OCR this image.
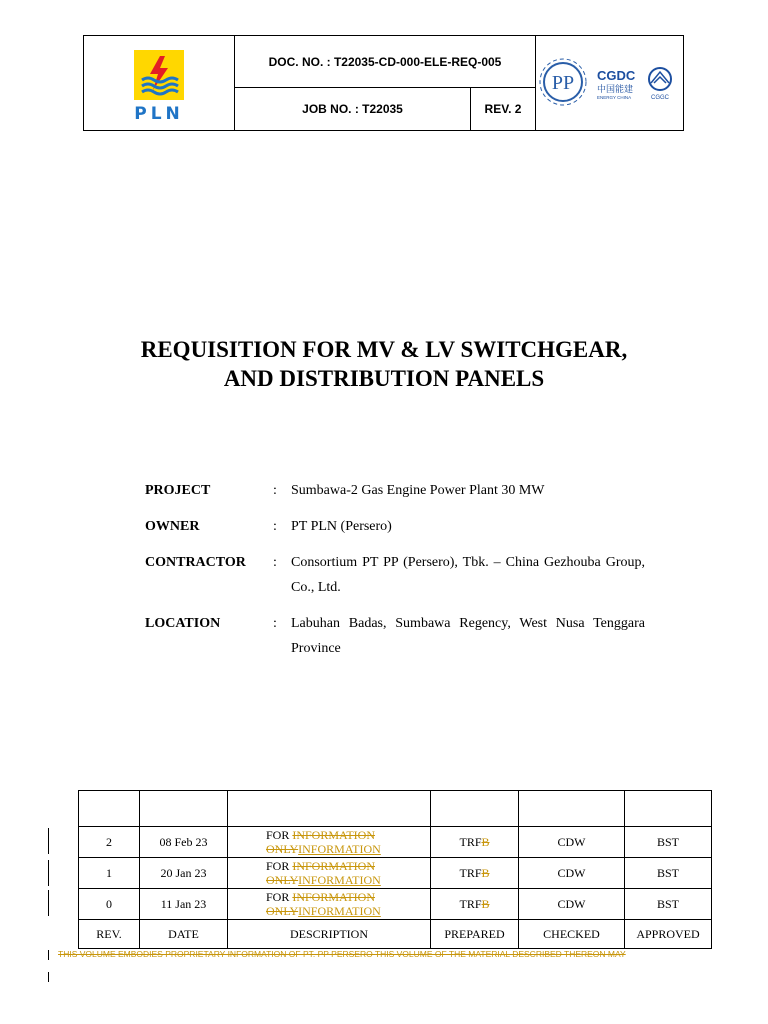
PLN
DOC. NO. : T22035-CD-000-ELE-REQ-005
JOB NO. : T22035	REV. 2
PP CGDC
中国能建
ENERGY CHINA	CGGC
REQUISITION FOR MV & LV SWITCHGEAR,
AND DISTRIBUTION PANELS
PROJECT	: Sumbawa-2 Gas Engine Power Plant 30 MW
OWNER	: PT PLN (Persero)
CONTRACTOR : Consortium PT PP (Persero), Tbk. – China Gezhouba Group, Co., Ltd.
LOCATION	: Labuhan Badas, Sumbawa Regency, West Nusa Tenggara Province

2	08 Feb 23	FOR INFORMATION
ONLYINFORMATION	TRFB	CDW	BST
1	20 Jan 23	FOR INFORMATION
ONLYINFORMATION	TRFB	CDW	BST
0	11 Jan 23	FOR INFORMATION
ONLYINFORMATION	TRFB	CDW	BST
REV.	DATE	DESCRIPTION	PREPARED	CHECKED	APPROVED
THIS VOLUME EMBODIES PROPRIETARY INFORMATION OF PT. PP PERSERO THIS VOLUME OF THE MATERIAL DESCRIBED THEREON MAY
